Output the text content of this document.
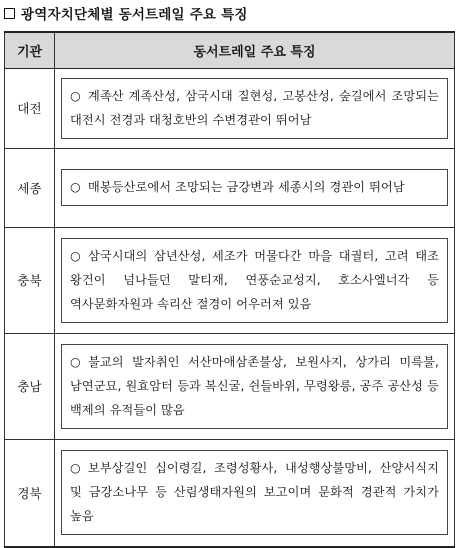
광역자치단체별 동서트레일 주요 특징
기관	동서트레일 주요 특징
대전	○ 계족산 계족산성, 삼국시대 질현성, 고봉산성, 숲길에서 조망되는 대전시 전경과 대청호반의 수변경관이 뛰어남

세종	○ 매봉등산로에서 조망되는 금강변과 세종시의 경관이 뛰어남

충북	○ 삼국시대의 삼년산성, 세조가 머물다간 마을 대궐터, 고려 태조 왕건이 넘나들던 말티재, 연풍순교성지, 호소사엘너각 등 역사문화자원과 속리산 절경이 어우러져 있음

충남	○ 불교의 발자취인 서산마애삼존불상, 보원사지, 상가리 미륵불, 남연군묘, 원효암터 등과 복신굴, 쉰들바위, 무령왕릉, 공주 공산성 등 백제의 유적들이 많음

경북	○ 보부상길인 십이령길, 조령성황사, 내성행상불망비, 산양서식지 및 금강소나무 등 산림생태자원의 보고이며 문화적 경관적 가치가 높음
